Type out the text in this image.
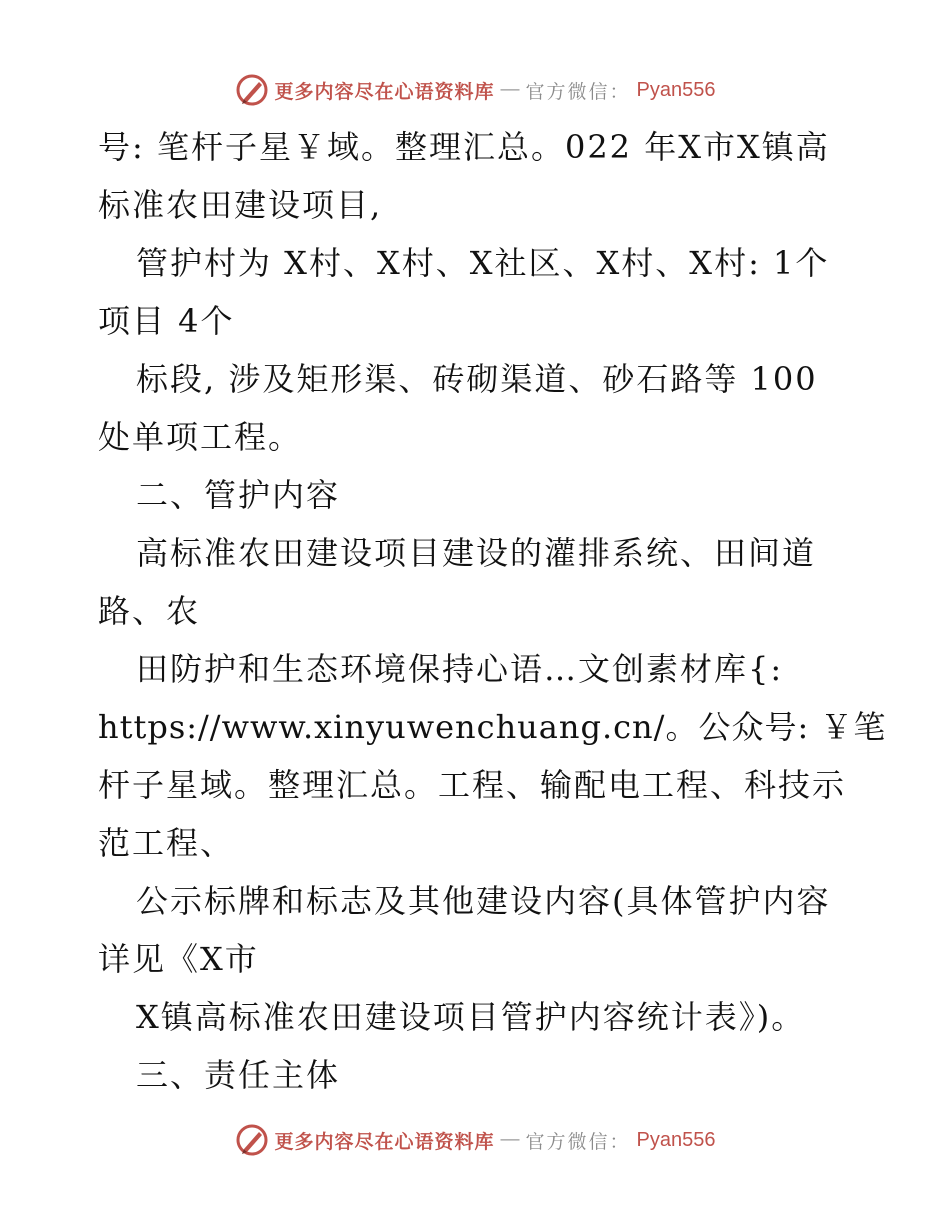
更多内容尽在心语资料库 — 官方微信： Pyan556
号: 笔杆子星￥域。整理汇总。022 年X市X镇高
标准农田建设项目,
管护村为 X村、X村、X社区、X村、X村: 1个
项目 4个
标段, 涉及矩形渠、砖砌渠道、砂石路等 100
处单项工程。
二、管护内容
高标准农田建设项目建设的灌排系统、田间道
路、农
田防护和生态环境保持心语…文创素材库{:
https://www.xinyuwenchuang.cn/。公众号: ￥笔
杆子星域。整理汇总。工程、输配电工程、科技示
范工程、
公示标牌和标志及其他建设内容(具体管护内容
详见《X市
X镇高标准农田建设项目管护内容统计表》)。
三、责任主体
更多内容尽在心语资料库 — 官方微信： Pyan556
